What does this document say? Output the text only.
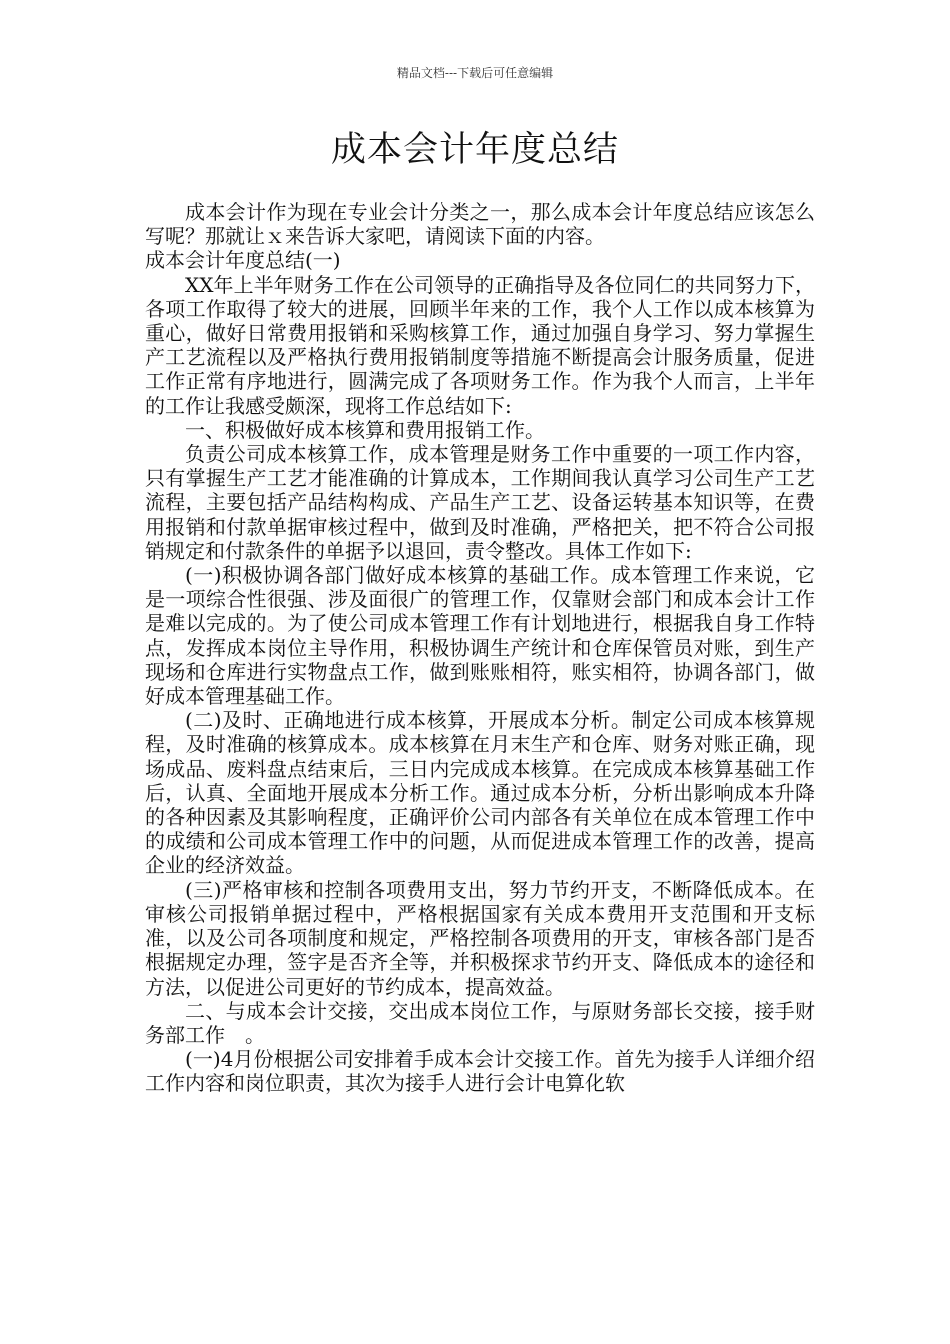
精品文档---下载后可任意编辑
成本会计年度总结

成本会计作为现在专业会计分类之一，那么成本会计年度总结应该怎么写呢？那就让ｘ来告诉大家吧，请阅读下面的内容。

成本会计年度总结(一)

XX年上半年财务工作在公司领导的正确指导及各位同仁的共同努力下，各项工作取得了较大的进展，回顾半年来的工作，我个人工作以成本核算为重心，做好日常费用报销和采购核算工作，通过加强自身学习、努力掌握生产工艺流程以及严格执行费用报销制度等措施不断提高会计服务质量，促进工作正常有序地进行，圆满完成了各项财务工作。作为我个人而言，上半年的工作让我感受颇深，现将工作总结如下:

一、积极做好成本核算和费用报销工作。

负责公司成本核算工作，成本管理是财务工作中重要的一项工作内容，只有掌握生产工艺才能准确的计算成本，工作期间我认真学习公司生产工艺流程，主要包括产品结构构成、产品生产工艺、设备运转基本知识等，在费用报销和付款单据审核过程中，做到及时准确，严格把关，把不符合公司报销规定和付款条件的单据予以退回，责令整改。具体工作如下:

(一)积极协调各部门做好成本核算的基础工作。成本管理工作来说，它是一项综合性很强、涉及面很广的管理工作，仅靠财会部门和成本会计工作是难以完成的。为了使公司成本管理工作有计划地进行，根据我自身工作特点，发挥成本岗位主导作用，积极协调生产统计和仓库保管员对账，到生产现场和仓库进行实物盘点工作，做到账账相符，账实相符，协调各部门，做好成本管理基础工作。

(二)及时、正确地进行成本核算，开展成本分析。制定公司成本核算规程，及时准确的核算成本。成本核算在月末生产和仓库、财务对账正确，现场成品、废料盘点结束后，三日内完成成本核算。在完成成本核算基础工作后，认真、全面地开展成本分析工作。通过成本分析，分析出影响成本升降的各种因素及其影响程度，正确评价公司内部各有关单位在成本管理工作中的成绩和公司成本管理工作中的问题，从而促进成本管理工作的改善，提高企业的经济效益。

(三)严格审核和控制各项费用支出，努力节约开支，不断降低成本。在审核公司报销单据过程中，严格根据国家有关成本费用开支范围和开支标准，以及公司各项制度和规定，严格控制各项费用的开支，审核各部门是否根据规定办理，签字是否齐全等，并积极探求节约开支、降低成本的途径和方法，以促进公司更好的节约成本，提高效益。

二、与成本会计交接，交出成本岗位工作，与原财务部长交接，接手财务部工作　。

(一)4月份根据公司安排着手成本会计交接工作。首先为接手人详细介绍工作内容和岗位职责，其次为接手人进行会计电算化软
